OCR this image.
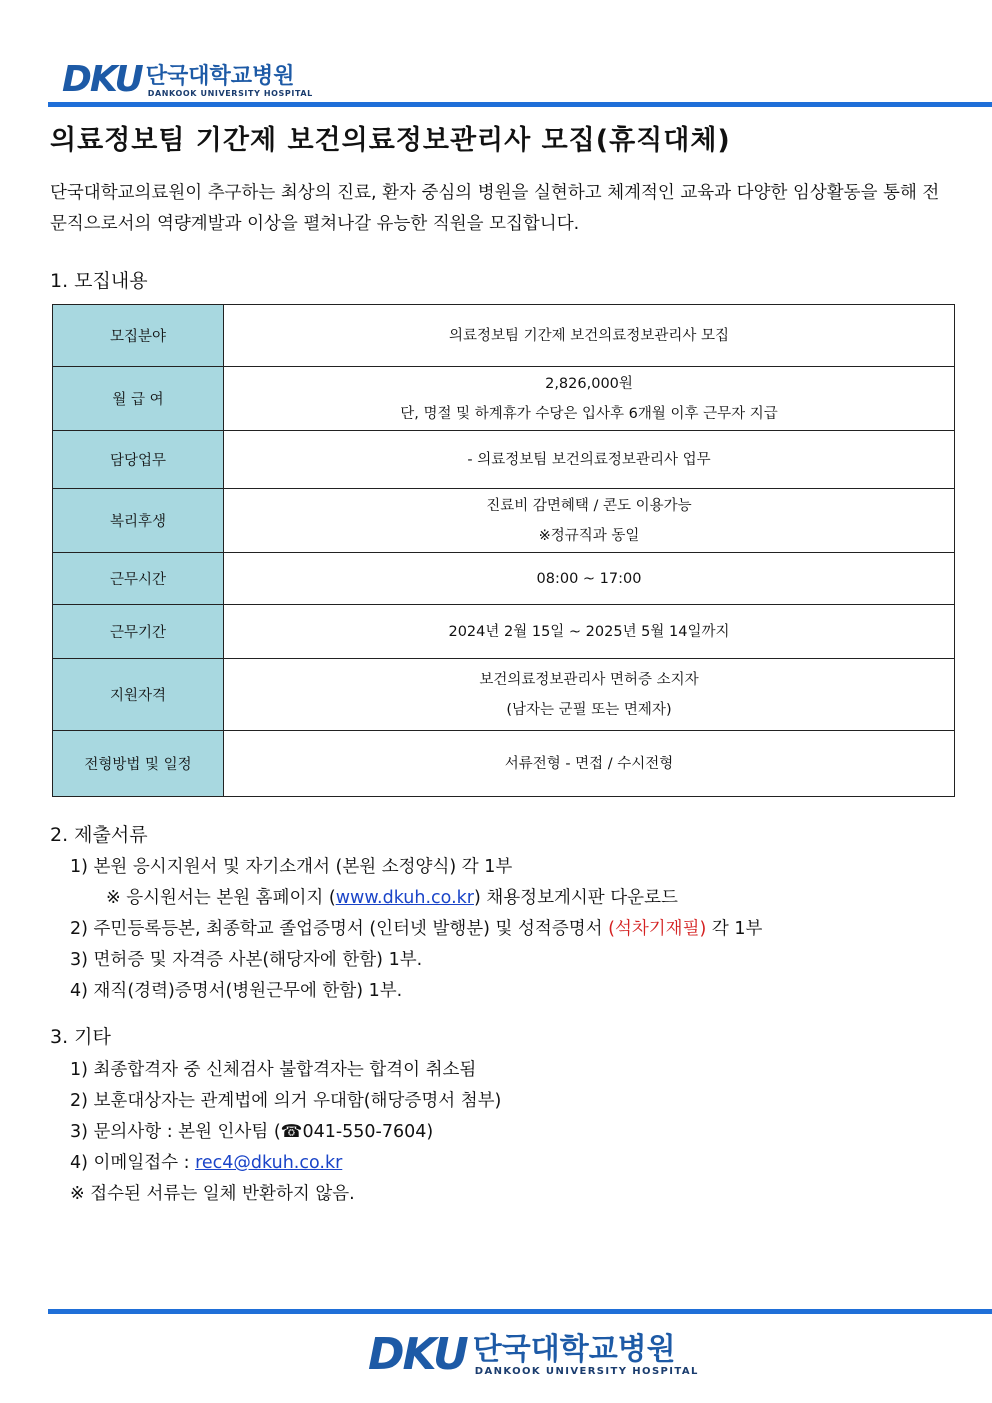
DKU 단국대학교병원
DANKOOK UNIVERSITY HOSPITAL
의료정보팀 기간제 보건의료정보관리사 모집(휴직대체)

단국대학교의료원이 추구하는 최상의 진료, 환자 중심의 병원을 실현하고 체계적인 교육과 다양한 임상활동을 통해 전문직으로서의 역량계발과 이상을 펼쳐나갈 유능한 직원을 모집합니다.

1. 모집내용
모집분야	의료정보팀 기간제 보건의료정보관리사 모집

월 급 여	2,826,000원
단, 명절 및 하계휴가 수당은 입사후 6개월 이후 근무자 지급

담당업무	- 의료정보팀 보건의료정보관리사 업무

복리후생	진료비 감면혜택 / 콘도 이용가능
※정규직과 동일

근무시간	08:00 ~ 17:00

근무기간	2024년 2월 15일 ~ 2025년 5월 14일까지

지원자격	보건의료정보관리사 면허증 소지자
(남자는 군필 또는 면제자)

전형방법 및 일정	서류전형 - 면접 / 수시전형
2. 제출서류
1) 본원 응시지원서 및 자기소개서 (본원 소정양식) 각 1부
※ 응시원서는 본원 홈페이지 (www.dkuh.co.kr) 채용정보게시판 다운로드
2) 주민등록등본, 최종학교 졸업증명서 (인터넷 발행분) 및 성적증명서 (석차기재필) 각 1부
3) 면허증 및 자격증 사본(해당자에 한함) 1부.
4) 재직(경력)증명서(병원근무에 한함) 1부.
3. 기타
1) 최종합격자 중 신체검사 불합격자는 합격이 취소됨
2) 보훈대상자는 관계법에 의거 우대함(해당증명서 첨부)
3) 문의사항 : 본원 인사팀 (☎041-550-7604)
4) 이메일접수 : rec4@dkuh.co.kr
※ 접수된 서류는 일체 반환하지 않음.
DKU 단국대학교병원
DANKOOK UNIVERSITY HOSPITAL
